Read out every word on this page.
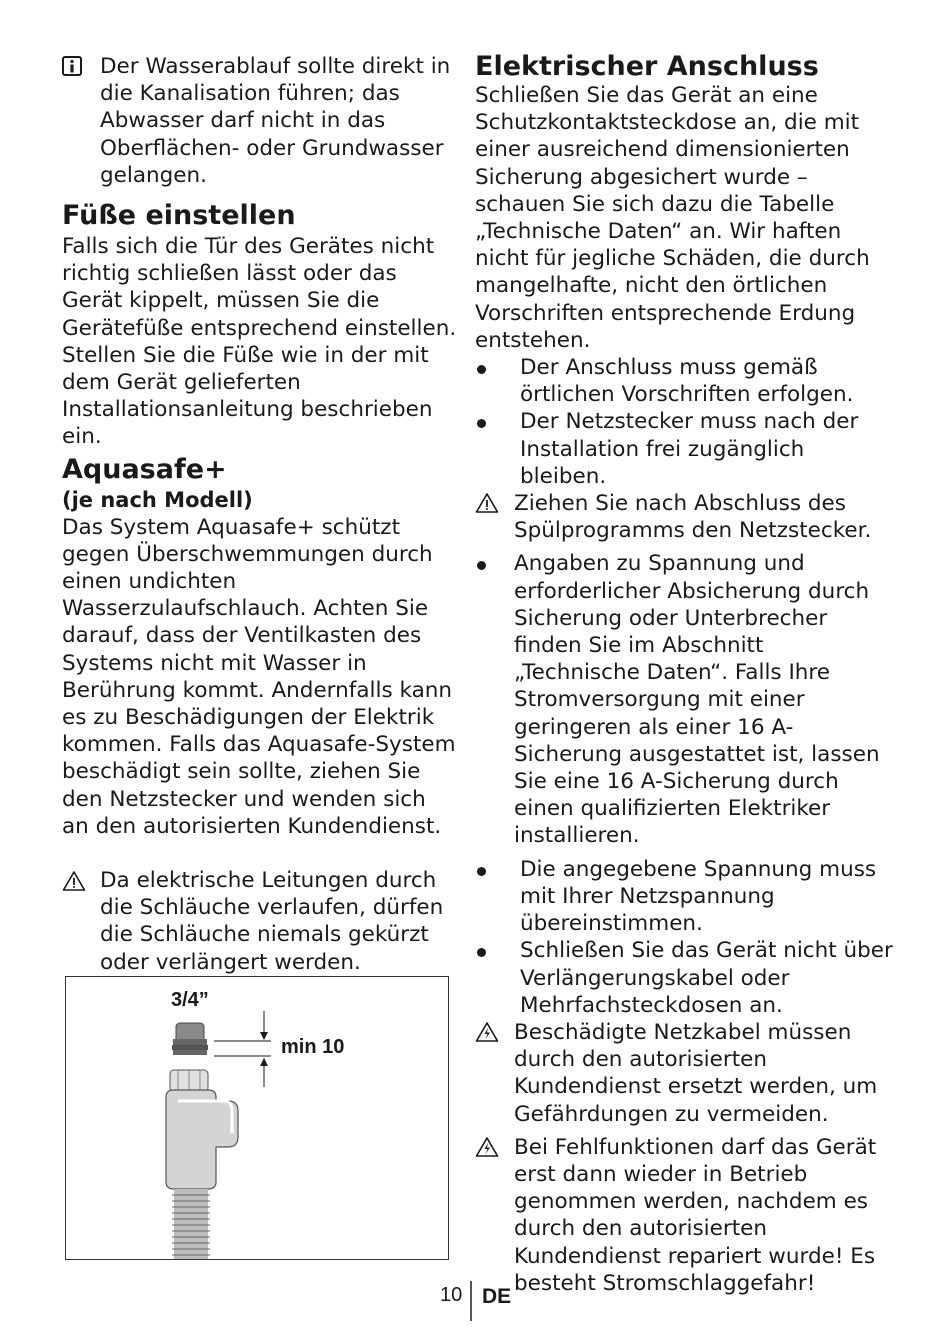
Der Wasserablauf sollte direkt in die Kanalisation führen; das Abwasser darf nicht in das Oberflächen- oder Grundwasser gelangen.
Füße einstellen

Falls sich die Tür des Gerätes nicht richtig schließen lässt oder das Gerät kippelt, müssen Sie die Gerätefüße entsprechend einstellen. Stellen Sie die Füße wie in der mit dem Gerät gelieferten Installationsanleitung beschrieben ein.

Aquasafe+
(je nach Modell)

Das System Aquasafe+ schützt gegen Überschwemmungen durch einen undichten Wasserzulaufschlauch. Achten Sie darauf, dass der Ventilkasten des Systems nicht mit Wasser in Berührung kommt. Andernfalls kann es zu Beschädigungen der Elektrik kommen. Falls das Aquasafe-System beschädigt sein sollte, ziehen Sie den Netzstecker und wenden sich an den autorisierten Kundendienst.

Da elektrische Leitungen durch die Schläuche verlaufen, dürfen die Schläuche niemals gekürzt oder verlängert werden.
3/4”
min 10
Elektrischer Anschluss

Schließen Sie das Gerät an eine Schutzkontaktsteckdose an, die mit einer ausreichend dimensionierten Sicherung abgesichert wurde – schauen Sie sich dazu die Tabelle „Technische Daten“ an. Wir haften nicht für jegliche Schäden, die durch mangelhafte, nicht den örtlichen Vorschriften entsprechende Erdung entstehen.

Der Anschluss muss gemäß örtlichen Vorschriften erfolgen.
Der Netzstecker muss nach der Installation frei zugänglich bleiben.
Ziehen Sie nach Abschluss des Spülprogramms den Netzstecker.
Angaben zu Spannung und erforderlicher Absicherung durch Sicherung oder Unterbrecher finden Sie im Abschnitt „Technische Daten“. Falls Ihre Stromversorgung mit einer geringeren als einer 16 A-Sicherung ausgestattet ist, lassen Sie eine 16 A-Sicherung durch einen qualifizierten Elektriker installieren.
Die angegebene Spannung muss mit Ihrer Netzspannung übereinstimmen.
Schließen Sie das Gerät nicht über Verlängerungskabel oder Mehrfachsteckdosen an.
Beschädigte Netzkabel müssen durch den autorisierten Kundendienst ersetzt werden, um Gefährdungen zu vermeiden.
Bei Fehlfunktionen darf das Gerät erst dann wieder in Betrieb genommen werden, nachdem es durch den autorisierten Kundendienst repariert wurde! Es besteht Stromschlaggefahr!
10 DE
